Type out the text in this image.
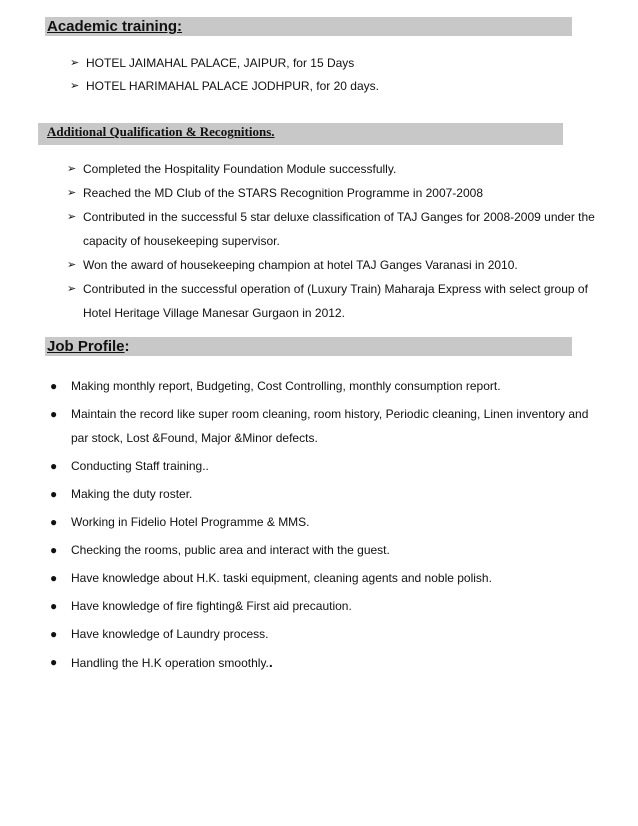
Academic training:
➢ HOTEL JAIMAHAL PALACE, JAIPUR, for 15 Days
➢ HOTEL HARIMAHAL PALACE JODHPUR, for 20 days.
Additional Qualification & Recognitions.
➢ Completed the Hospitality Foundation Module successfully.
➢ Reached the MD Club of the STARS Recognition Programme in 2007-2008
➢ Contributed in the successful 5 star deluxe classification of TAJ Ganges for 2008-2009 under the
capacity of housekeeping supervisor.
➢ Won the award of housekeeping champion at hotel TAJ Ganges Varanasi in 2010.
➢ Contributed in the successful operation of (Luxury Train) Maharaja Express with select group of
Hotel Heritage Village Manesar Gurgaon in 2012.
Job Profile:
● Making monthly report, Budgeting, Cost Controlling, monthly consumption report.
● Maintain the record like super room cleaning, room history, Periodic cleaning, Linen inventory and
par stock, Lost &Found, Major &Minor defects.
● Conducting Staff training..
● Making the duty roster.
● Working in Fidelio Hotel Programme & MMS.
● Checking the rooms, public area and interact with the guest.
● Have knowledge about H.K. taski equipment, cleaning agents and noble polish.
● Have knowledge of fire fighting& First aid precaution.
● Have knowledge of Laundry process.
● Handling the H.K operation smoothly..
